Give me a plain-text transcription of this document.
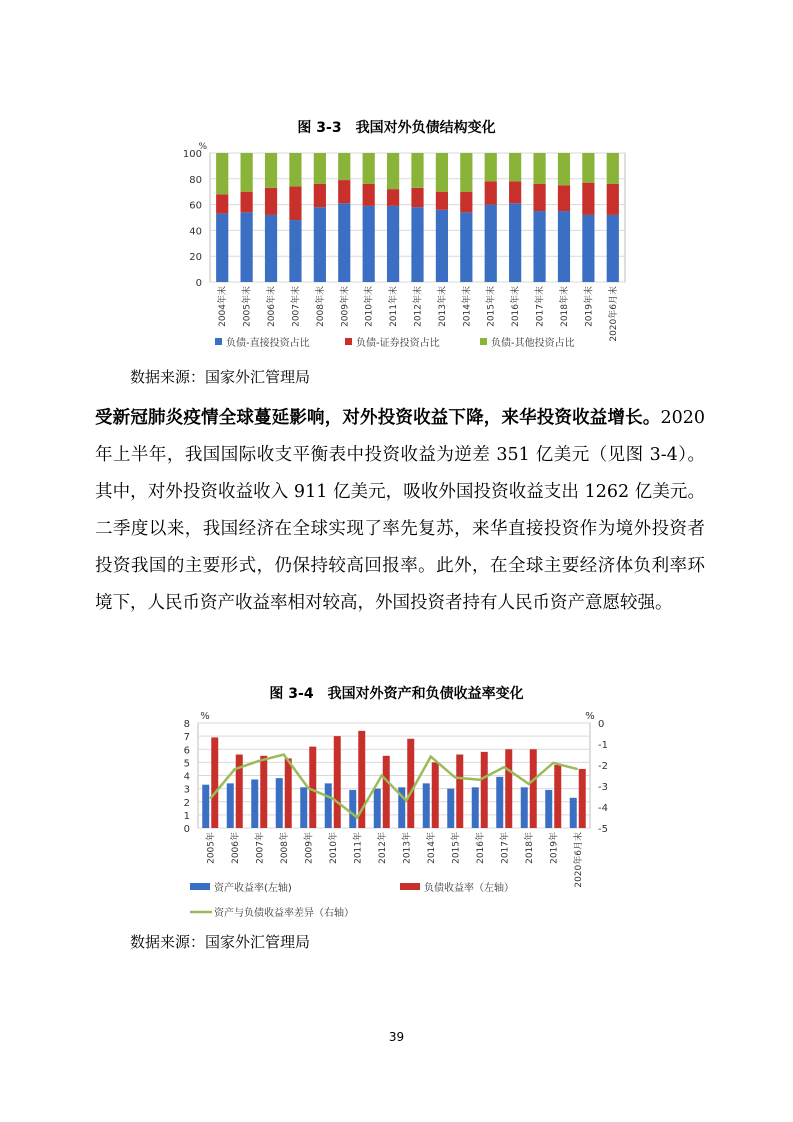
图 3-3　我国对外负债结构变化
%
0
20
40
60
80
100
2004年末 2005年末 2006年末 2007年末 2008年末 2009年末 2010年末 2011年末 2012年末 2013年末 2014年末 2015年末 2016年末 2017年末 2018年末 2019年末 2020年6月末
负债-直接投资占比	负债-证券投资占比	负债-其他投资占比
数据来源：国家外汇管理局

受新冠肺炎疫情全球蔓延影响，对外投资收益下降，来华投资收益增长。2020 年上半年，我国国际收支平衡表中投资收益为逆差 351 亿美元（见图 3-4）。其中，对外投资收益收入 911 亿美元，吸收外国投资收益支出 1262 亿美元。二季度以来，我国经济在全球实现了率先复苏，来华直接投资作为境外投资者投资我国的主要形式，仍保持较高回报率。此外，在全球主要经济体负利率环境下，人民币资产收益率相对较高，外国投资者持有人民币资产意愿较强。

图 3-4　我国对外资产和负债收益率变化
%	%
0
1
2
3
4
5
6
7
8	0
-1
-2
-3
-4
-5
2005年 2006年 2007年 2008年 2009年 2010年 2011年 2012年 2013年 2014年 2015年 2016年 2017年 2018年 2019年 2020年6月末
资产收益率(左轴)	负债收益率（左轴）
资产与负债收益率差异（右轴）
数据来源：国家外汇管理局
39
